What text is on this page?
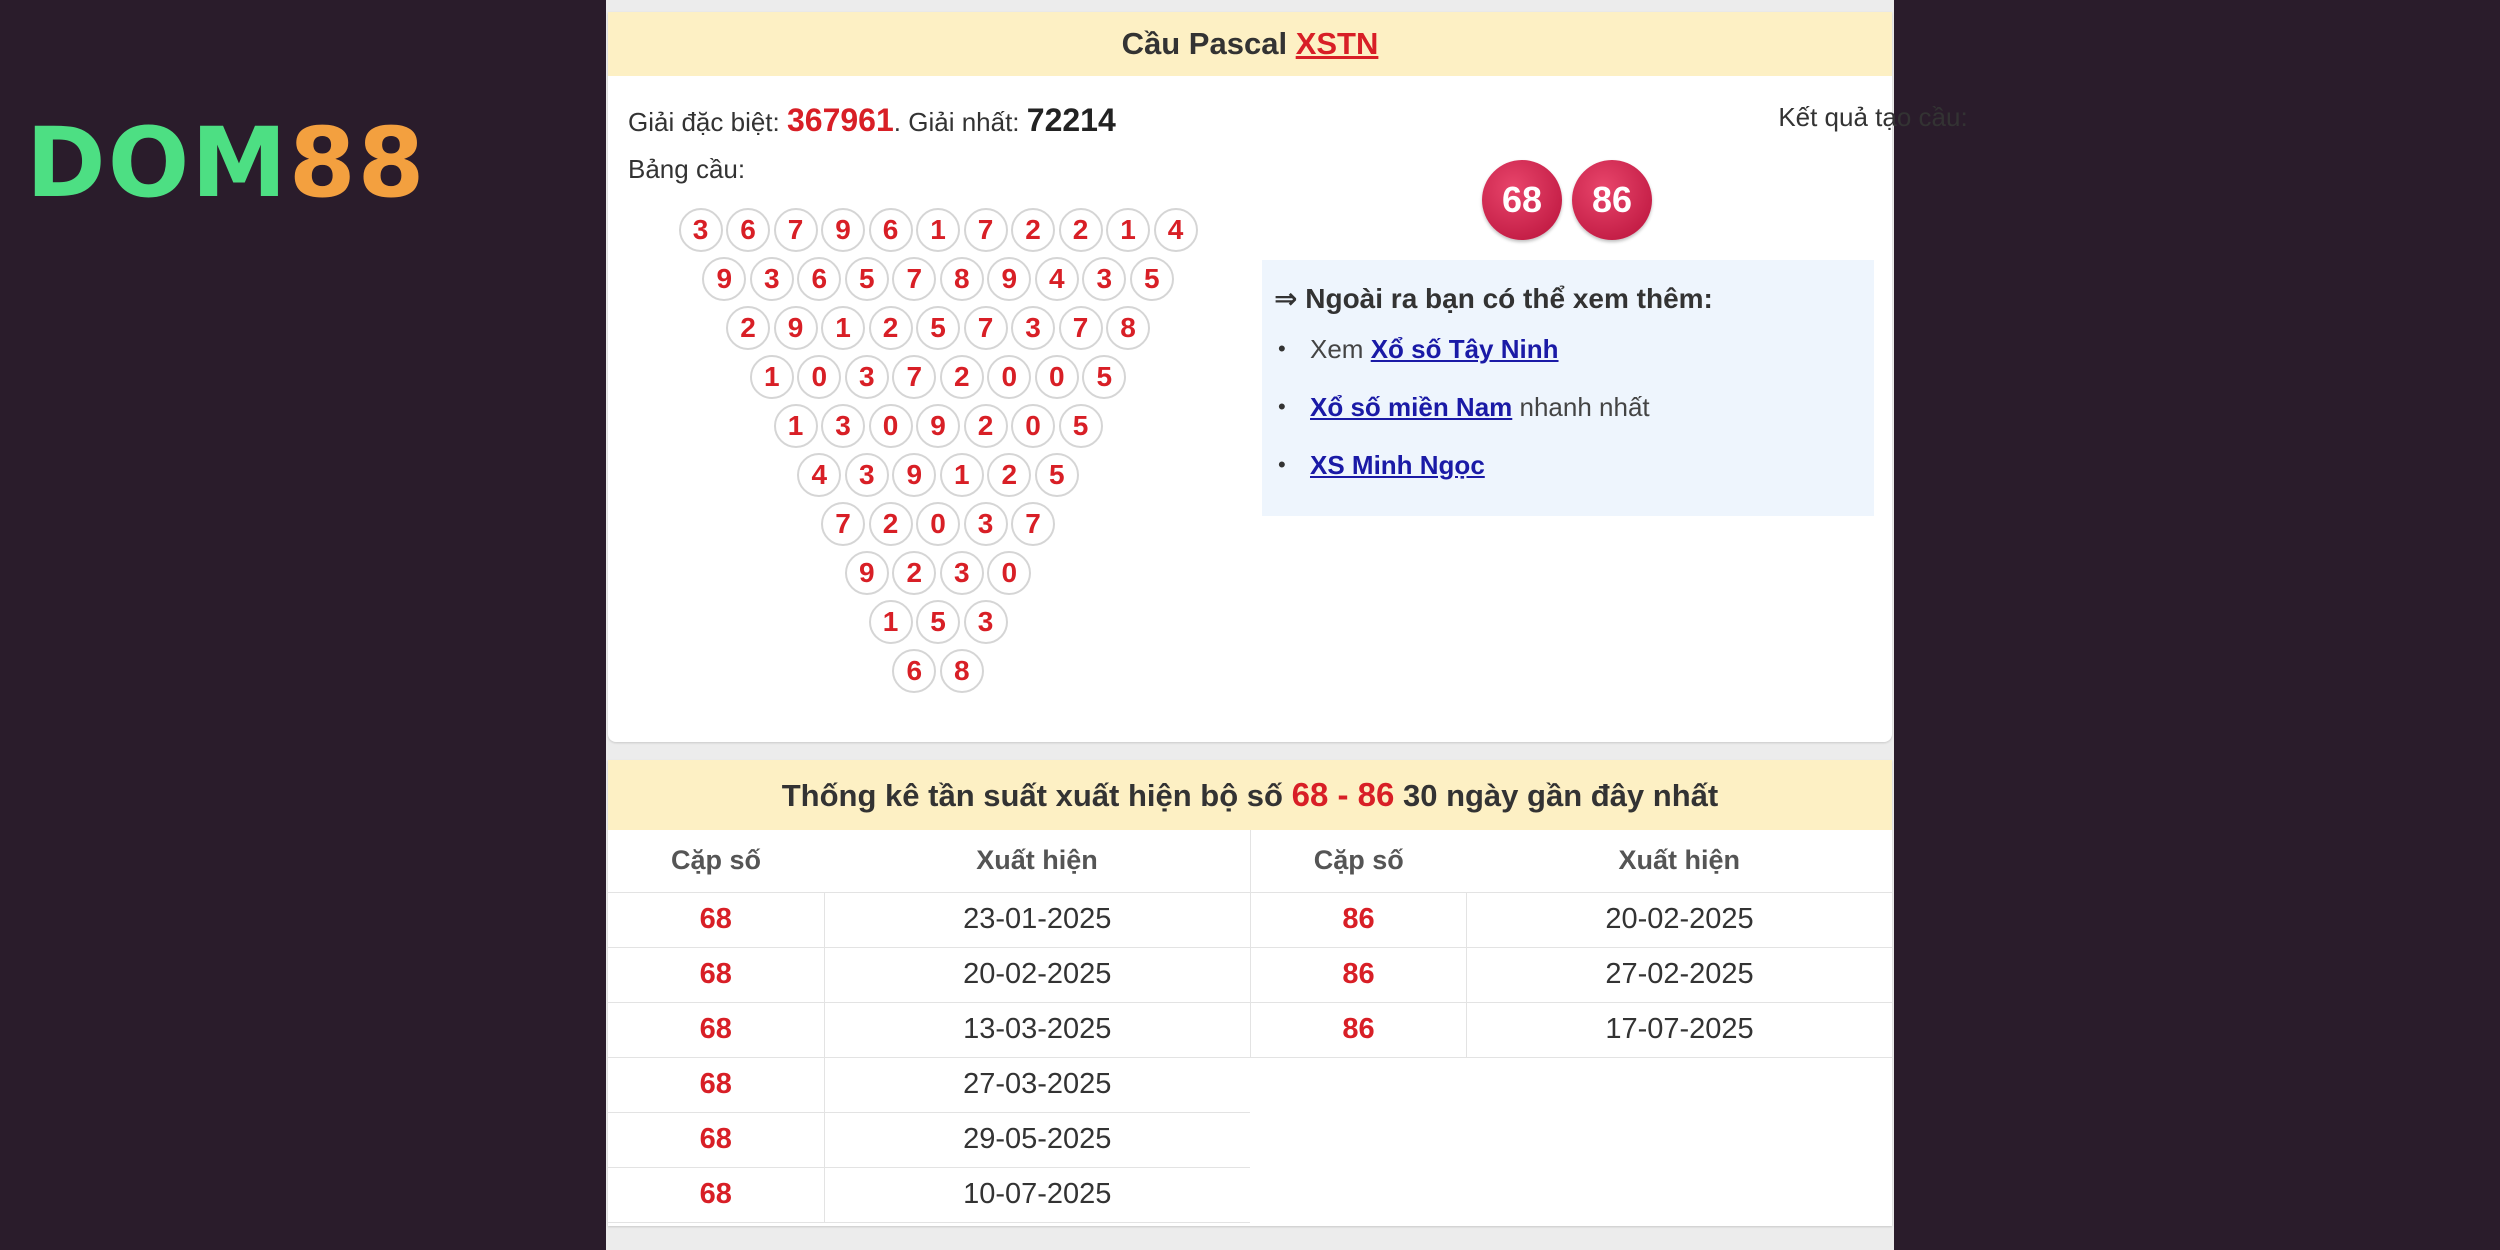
DOM88
Cầu Pascal XSTN
Giải đặc biệt: 367961. Giải nhất: 72214
Bảng cầu:
3	6	7	9	6	1	7	2	2	1	4
9	3	6	5	7	8	9	4	3	5
2	9	1	2	5	7	3	7	8
1	0	3	7	2	0	0	5
1	3	0	9	2	0	5
4	3	9	1	2	5
7	2	0	3	7
9	2	3	0
1	5	3
6	8
Kết quả tạo cầu:
68	86
⇒ Ngoài ra bạn có thể xem thêm:
• Xem Xổ số Tây Ninh
• Xổ số miền Nam nhanh nhất
• XS Minh Ngọc
Thống kê tần suất xuất hiện bộ số 68 - 86 30 ngày gần đây nhất
Cặp số	Xuất hiện
68	23-01-2025
68	20-02-2025
68	13-03-2025
68	27-03-2025
68	29-05-2025
68	10-07-2025
Cặp số	Xuất hiện
86	20-02-2025
86	27-02-2025
86	17-07-2025
